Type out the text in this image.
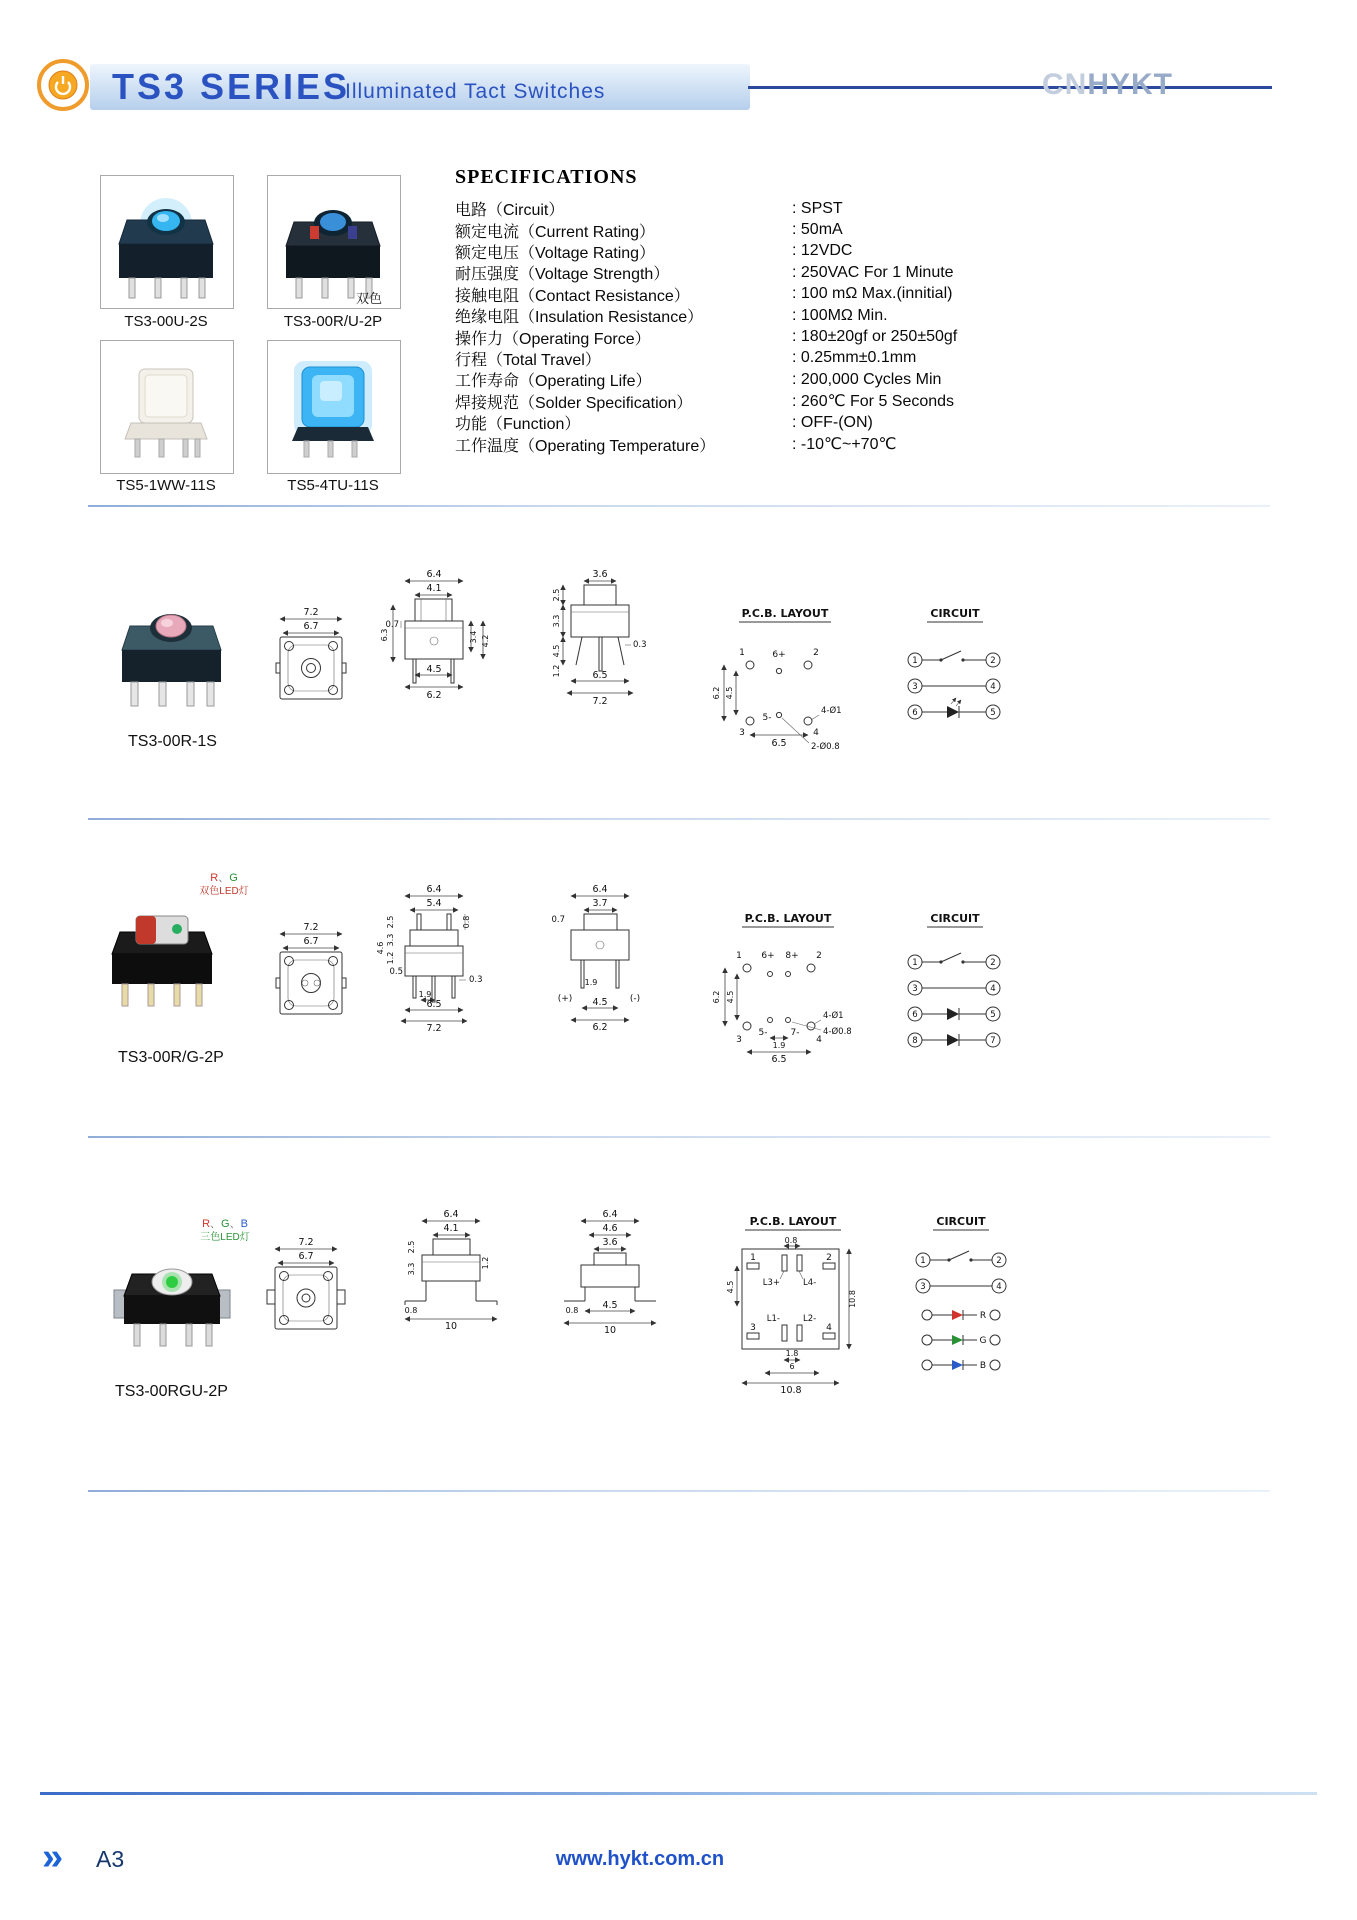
TS3 SERIES
Illuminated Tact Switches	CNHYKT
双色
TS3-00U-2S	TS3-00R/U-2P
TS5-1WW-11S	TS5-4TU-11S
SPECIFICATIONS
电路（Circuit）	: SPST
额定电流（Current Rating）	: 50mA
额定电压（Voltage Rating）	: 12VDC
耐压强度（Voltage Strength）	: 250VAC For 1 Minute
接触电阻（Contact Resistance）	: 100 mΩ Max.(innitial)
绝缘电阻（Insulation Resistance）	: 100MΩ Min.
操作力（Operating Force）	: 180±20gf or 250±50gf
行程（Total Travel）	: 0.25mm±0.1mm
工作寿命（Operating Life）	: 200,000 Cycles Min
焊接规范（Solder Specification）	: 260℃ For 5 Seconds
功能（Function）	: OFF-(ON)
工作温度（Operating Temperature）	: -10℃~+70℃
TS3-00R-1S
7.2
6.7
6.4
4.1
0.7
6.3	3.4 4.2
4.5
6.2
3.6
2.5
3.3
4.5
1.2
0.3
6.5
7.2
P.C.B. LAYOUT
1	6+	2
3
5-
4
6.2 4.5
6.5
4-Ø1
2-Ø0.8
CIRCUIT
1	2
3	4
6	5
R、G
双色LED灯
TS3-00R/G-2P
7.2
6.7
6.4
5.4
0.8
2.5
3.3
1.2
4.6
0.5
0.3
1.9
6.5
7.2
6.4
3.7
0.7
1.9
(+)	(-)
4.5
6.2
P.C.B. LAYOUT
1 6+ 8+ 2
3
5-	7-
4
6.2 4.5
1.9
6.5
4-Ø1
4-Ø0.8
CIRCUIT
1	2
3	4
6	5
8	7
R、G、B
三色LED灯
TS3-00RGU-2P
7.2
6.7
6.4
4.1
2.5
3.3	1.2
0.8
10
6.4
4.6
3.6
0.8	4.5
10
P.C.B. LAYOUT
0.8
1	2
L3+	L4-
L1-	L2-
3	4
4.5
10.8
1.8
6
10.8
CIRCUIT
1	2
3	4
R
G
B
» A3	www.hykt.com.cn
